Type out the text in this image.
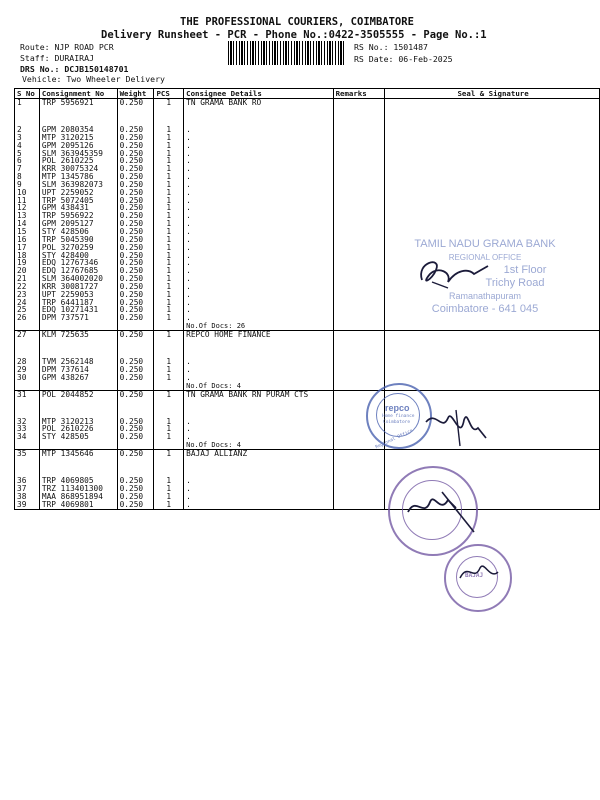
THE PROFESSIONAL COURIERS, COIMBATORE
Delivery Runsheet - PCR - Phone No.:0422-3505555 - Page No.:1
Route: NJP ROAD PCR
Staff: DURAIRAJ
DRS No.: DCJB150148701
Vehicle: Two Wheeler Delivery
RS No.: 1501487
RS Date: 06-Feb-2025
S No	Consignment No	Weight	PCS	Consignee Details	Remarks	Seal & Signature
1	TRP 5956921	0.250	1	TN GRAMA BANK RO		
2	GPM 2080354	0.250	1	.		
3	MTP 3120215	0.250	1	.		
4	GPM 2095126	0.250	1	.		
5	SLM 363945359	0.250	1	.		
6	POL 2610225	0.250	1	.		
7	KRR 30075324	0.250	1	.		
8	MTP 1345786	0.250	1	.		
9	SLM 363982073	0.250	1	.		
10	UPT 2259052	0.250	1	.		
11	TRP 5072405	0.250	1	.		
12	GPM 438431	0.250	1	.		
13	TRP 5956922	0.250	1	.		
14	GPM 2095127	0.250	1	.		
15	STY 428506	0.250	1	.		
16	TRP 5045390	0.250	1	.		
17	POL 3270259	0.250	1	.		
18	STY 428400	0.250	1	.		
19	EDQ 12767346	0.250	1	.		
20	EDQ 12767685	0.250	1	.		
21	SLM 364002020	0.250	1	.		
22	KRR 30081727	0.250	1	.		
23	UPT 2259053	0.250	1	.		
24	TRP 6441187	0.250	1	.		
25	EDQ 10271431	0.250	1	.		
26	DPM 737571	0.250	1	.		
				No.Of Docs: 26		
27	KLM 725635	0.250	1	REPCO HOME FINANCE		
28	TVM 2562148	0.250	1	.		
29	DPM 737614	0.250	1	.		
30	GPM 438267	0.250	1	.		
				No.Of Docs: 4		
31	POL 2044852	0.250	1	TN GRAMA BANK RN PURAM CTS		
32	MTP 3120213	0.250	1	.		
33	POL 2610226	0.250	1	.		
34	STY 428505	0.250	1	.		
				No.Of Docs: 4		
35	MTP 1345646	0.250	1	BAJAJ ALLIANZ		
36	TRP 4069805	0.250	1	.		
37	TRZ 113401300	0.250	1	.		
38	MAA 868951894	0.250	1	.		
39	TRP 4069801	0.250	1	.		
TAMIL NADU GRAMA BANK
REGIONAL OFFICE
1st Floor
Trichy Road
Ramanathapuram
Coimbatore - 641 045
repco
Home finance
Coimbatore
Regional Office
BAJAJ
